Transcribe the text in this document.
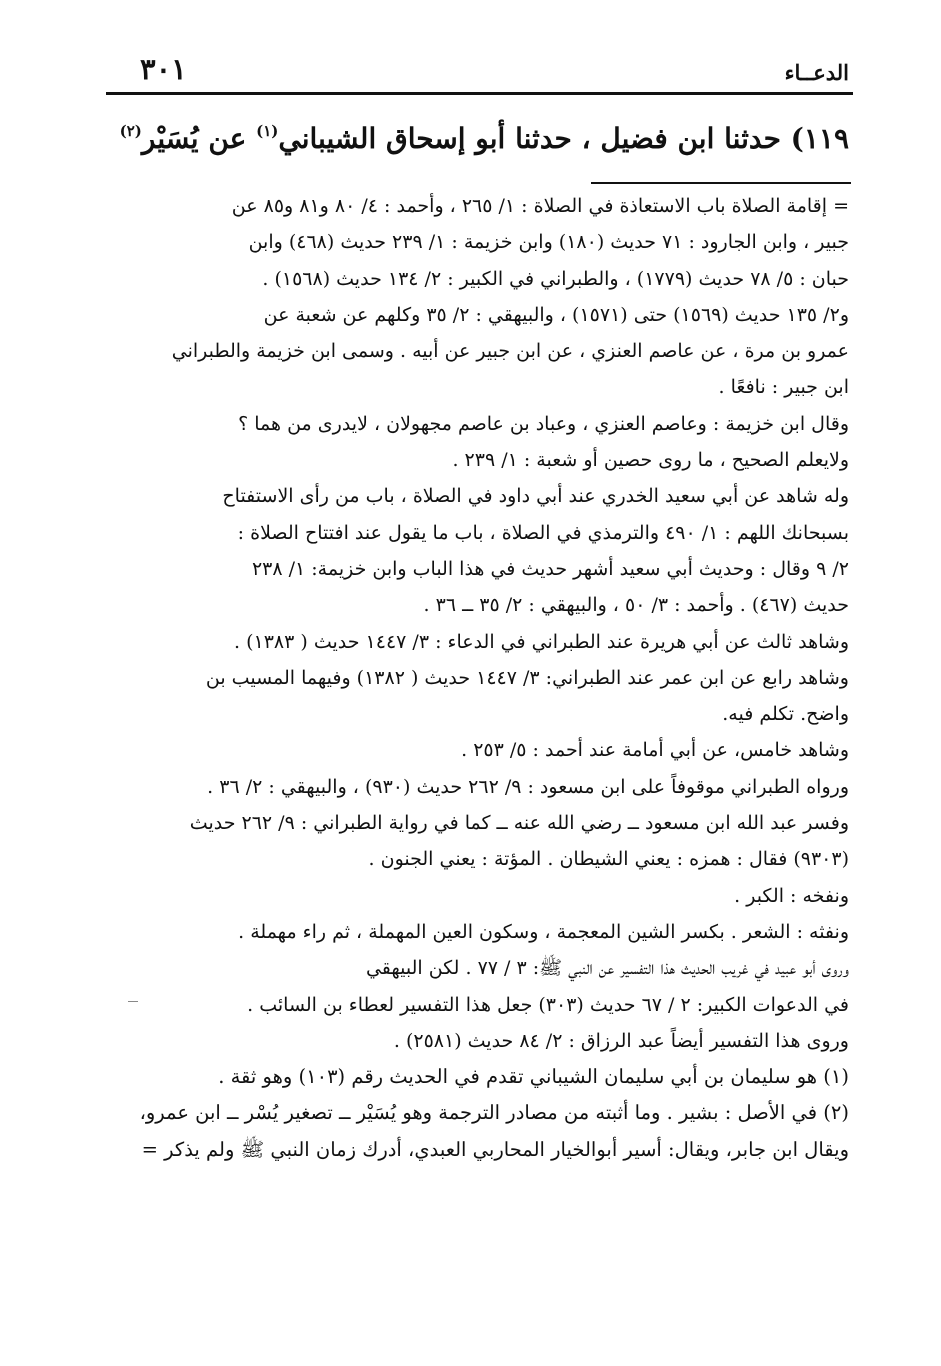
الدعــاء
٣٠١
١١٩) حدثنا ابن فضيل ، حدثنا أبو إسحاق الشيباني$^{(١)}$ عن يُسَيْر$^{(٢)}$
= إقامة الصلاة باب الاستعاذة في الصلاة : ١/ ٢٦٥ ، وأحمد : ٤/ ٨٠ و٨١ و٨٥ عن
جبير ، وابن الجارود : ٧١ حديث (١٨٠) وابن خزيمة : ١/ ٢٣٩ حديث (٤٦٨) وابن
حبان : ٥/ ٧٨ حديث (١٧٧٩) ، والطبراني في الكبير : ٢/ ١٣٤ حديث (١٥٦٨) .
و٢/ ١٣٥ حديث (١٥٦٩) حتى (١٥٧١) ، والبيهقي : ٢/ ٣٥ وكلهم عن شعبة عن
عمرو بن مرة ، عن عاصم العنزي ، عن ابن جبير عن أبيه . وسمى ابن خزيمة والطبراني
ابن جبير : نافعًا .
وقال ابن خزيمة : وعاصم العنزي ، وعباد بن عاصم مجهولان ، لايدرى من هما ؟
ولايعلم الصحيح ، ما روى حصين أو شعبة : ١/ ٢٣٩ .
وله شاهد عن أبي سعيد الخدري عند أبي داود في الصلاة ، باب من رأى الاستفتاح
بسبحانك اللهم : ١/ ٤٩٠ والترمذي في الصلاة ، باب ما يقول عند افتتاح الصلاة :
٢/ ٩ وقال : وحديث أبي سعيد أشهر حديث في هذا الباب وابن خزيمة: ١/ ٢٣٨
حديث (٤٦٧) . وأحمد : ٣/ ٥٠ ، والبيهقي : ٢/ ٣٥ ــ ٣٦ .
وشاهد ثالث عن أبي هريرة عند الطبراني في الدعاء : ٣/ ١٤٤٧ حديث ( ١٣٨٣) .
وشاهد رابع عن ابن عمر عند الطبراني: ٣/ ١٤٤٧ حديث ( ١٣٨٢) وفيهما المسيب بن
واضح. تكلم فيه.
وشاهد خامس، عن أبي أمامة عند أحمد : ٥/ ٢٥٣ .
ورواه الطبراني موقوفاً على ابن مسعود : ٩/ ٢٦٢ حديث (٩٣٠) ، والبيهقي : ٢/ ٣٦ .
وفسر عبد الله ابن مسعود ــ رضي الله عنه ــ كما في رواية الطبراني : ٩/ ٢٦٢ حديث
(٩٣٠٣) فقال : همزه : يعني الشيطان . المؤتة : يعني الجنون .
ونفخه : الكبر .
ونفثه : الشعر . بكسر الشين المعجمة ، وسكون العين المهملة ، ثم راء مهملة .
وروى أبو عبيد في غريب الحديث هذا التفسير عن النبي ﷺ: ٣ / ٧٧ . لكن البيهقي
في الدعوات الكبير: ٢ / ٦٧ حديث (٣٠٣) جعل هذا التفسير لعطاء بن السائب .
وروى هذا التفسير أيضاً عبد الرزاق : ٢/ ٨٤ حديث (٢٥٨١) .
(١) هو سليمان بن أبي سليمان الشيباني تقدم في الحديث رقم (١٠٣) وهو ثقة .
(٢) في الأصل : بشير . وما أثبته من مصادر الترجمة وهو يُسَيْر ــ تصغير يُسْر ــ ابن عمرو،
ويقال ابن جابر، ويقال: أسير أبوالخيار المحاربي العبدي، أدرك زمان النبي ﷺ ولم يذكر =
